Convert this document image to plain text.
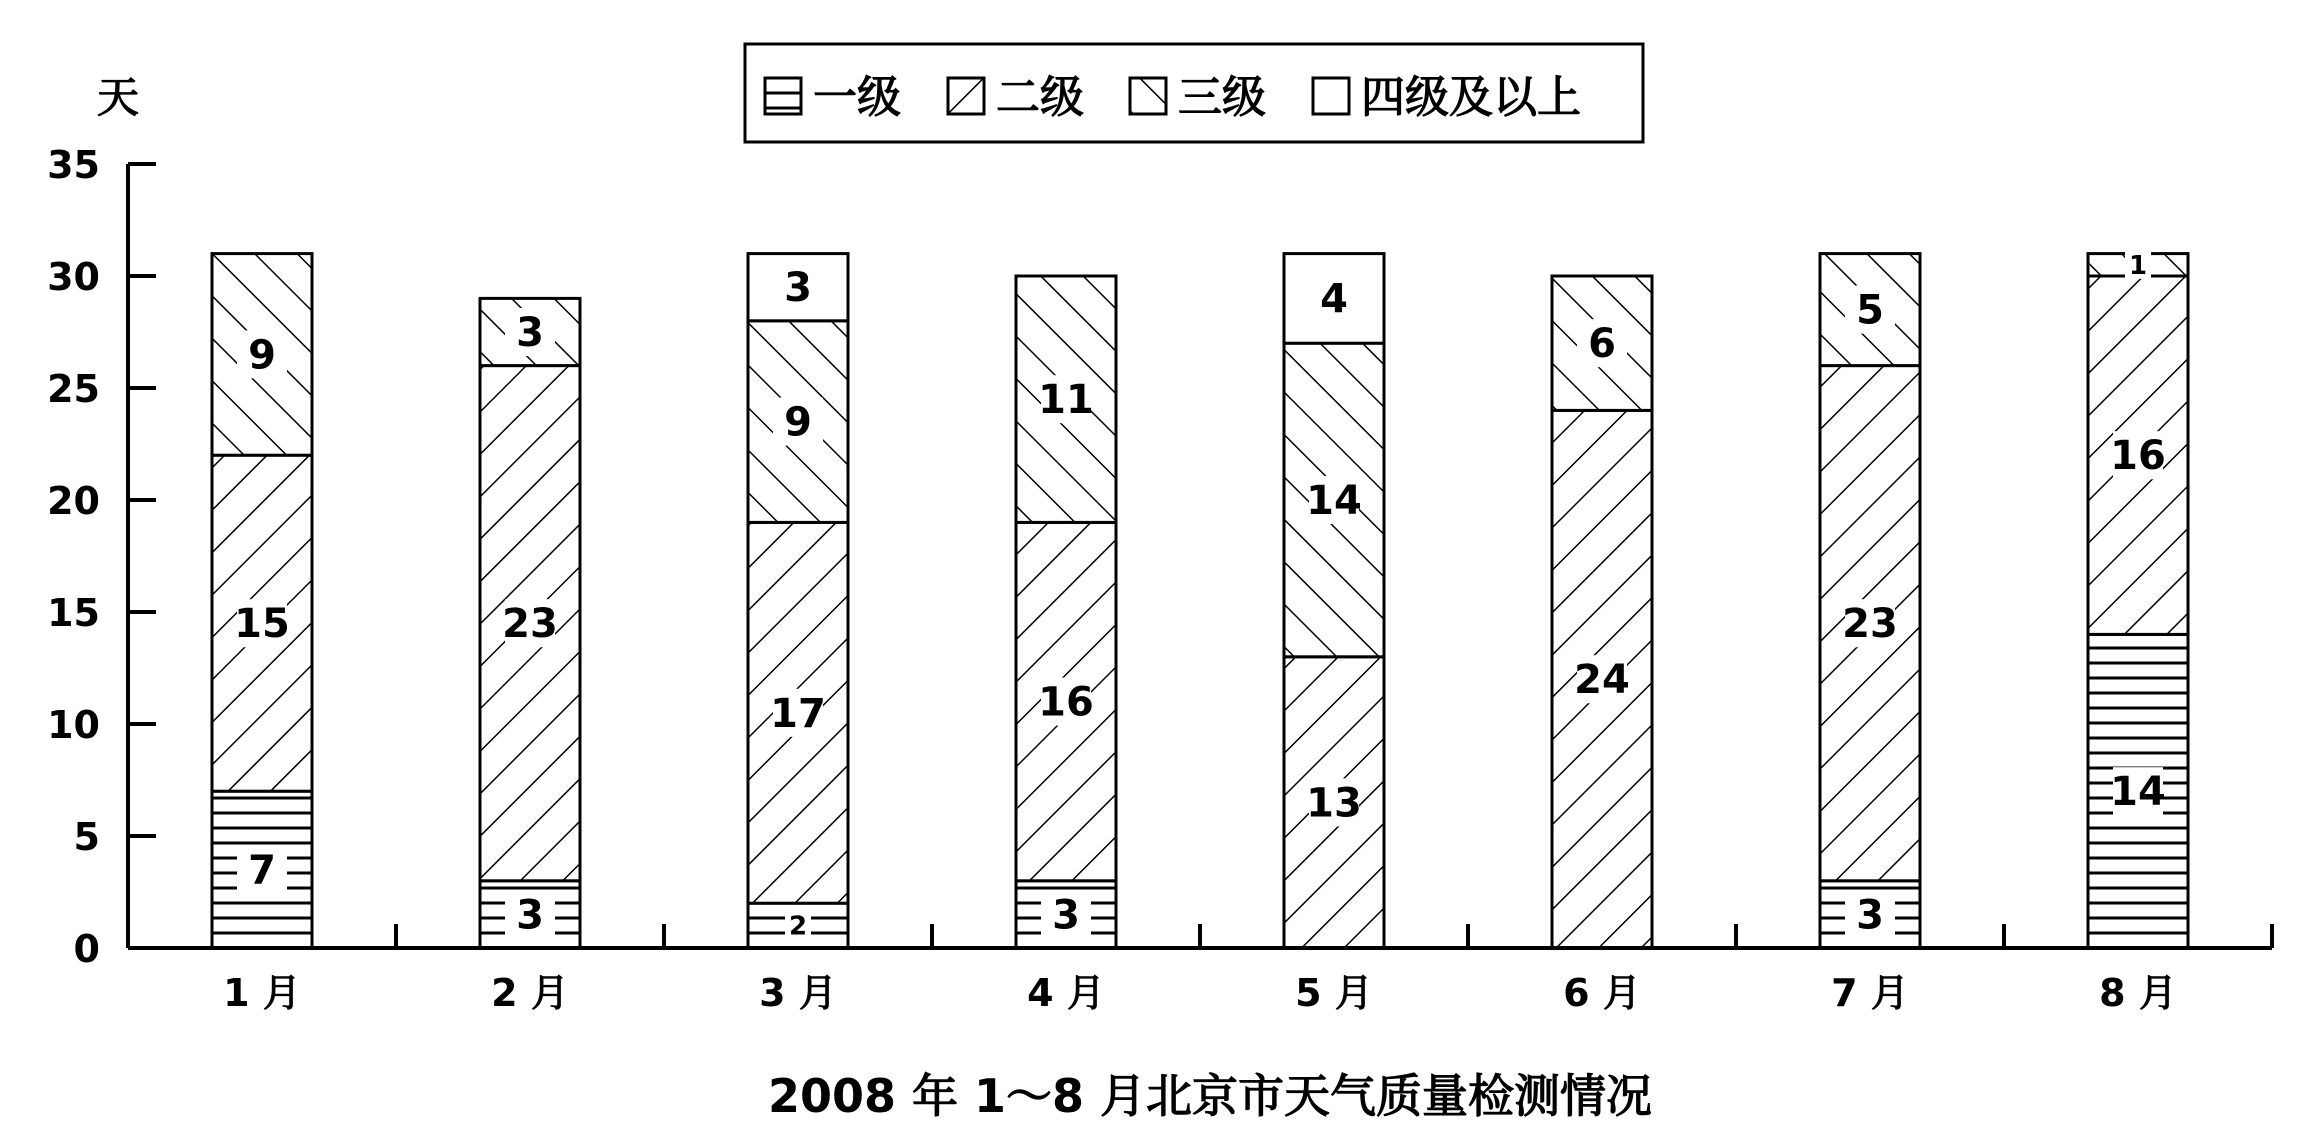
一级 二级 三级 四级及以上
天
0
5
10
15
20
25
30
35
7
15
9
3
23
3
2
17
9
3
3
16
11
13
14
4
24
6
3
23
5
14
16
1
1 月	2 月	3 月	4 月	5 月	6 月	7 月	8 月
2008 年 1～8 月北京市天气质量检测情况
